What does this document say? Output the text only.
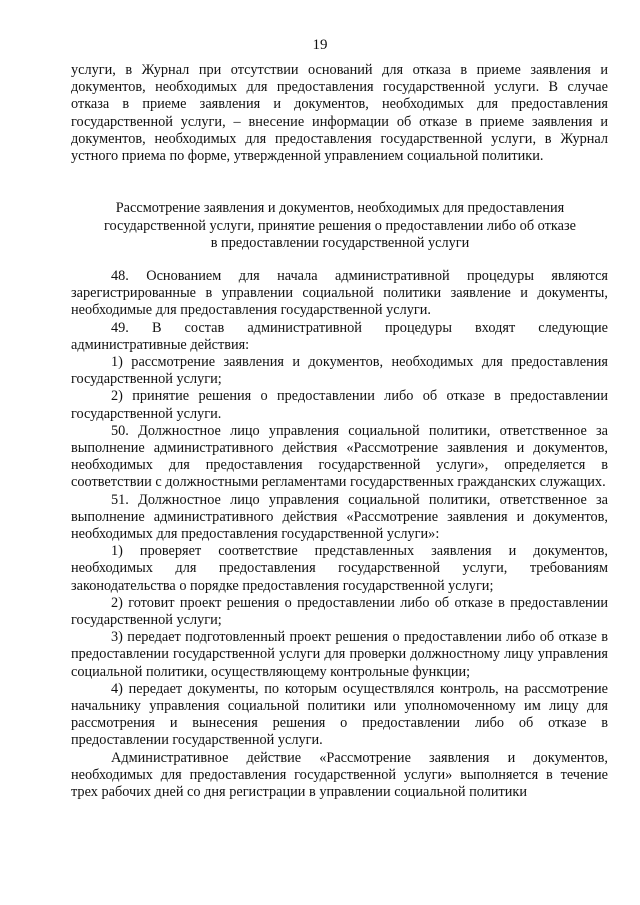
19

услуги, в Журнал при отсутствии оснований для отказа в приеме заявления и документов, необходимых для предоставления государственной услуги. В случае отказа в приеме заявления и документов, необходимых для предоставления государственной услуги, – внесение информации об отказе в приеме заявления и документов, необходимых для предоставления государственной услуги, в Журнал устного приема по форме, утвержденной управлением социальной политики.

Рассмотрение заявления и документов, необходимых для предоставления
государственной услуги, принятие решения о предоставлении либо об отказе
в предоставлении государственной услуги

48. Основанием для начала административной процедуры являются зарегистрированные в управлении социальной политики заявление и документы, необходимые для предоставления государственной услуги.

49. В состав административной процедуры входят следующие административные действия:

1) рассмотрение заявления и документов, необходимых для предоставления государственной услуги;

2) принятие решения о предоставлении либо об отказе в предоставлении государственной услуги.

50. Должностное лицо управления социальной политики, ответственное за выполнение административного действия «Рассмотрение заявления и документов, необходимых для предоставления государственной услуги», определяется в соответствии с должностными регламентами государственных гражданских служащих.

51. Должностное лицо управления социальной политики, ответственное за выполнение административного действия «Рассмотрение заявления и документов, необходимых для предоставления государственной услуги»:

1) проверяет соответствие представленных заявления и документов, необходимых для предоставления государственной услуги, требованиям законодательства о порядке предоставления государственной услуги;

2) готовит проект решения о предоставлении либо об отказе в предоставлении государственной услуги;

3) передает подготовленный проект решения о предоставлении либо об отказе в предоставлении государственной услуги для проверки должностному лицу управления социальной политики, осуществляющему контрольные функции;

4) передает документы, по которым осуществлялся контроль, на рассмотрение начальнику управления социальной политики или уполномоченному им лицу для рассмотрения и вынесения решения о предоставлении либо об отказе в предоставлении государственной услуги.

Административное действие «Рассмотрение заявления и документов, необходимых для предоставления государственной услуги» выполняется в течение трех рабочих дней со дня регистрации в управлении социальной политики
